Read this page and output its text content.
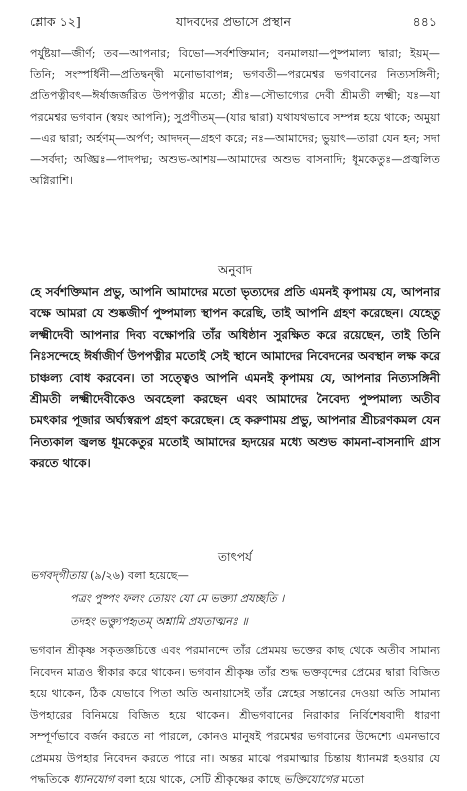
শ্লোক ১২]	যাদবদের প্রভাসে প্রস্থান	৪৪১

পর্যুষ্টয়া—জীর্ণ; তব—আপনার; বিভো—সর্বশক্তিমান; বনমালয়া—পুষ্পমাল্য দ্বারা; ইয়ম্—তিনি; সংস্পর্ধিনী—প্রতিদ্বন্দ্বী মনোভাবাপন্ন; ভগবতী—পরমেশ্বর ভগবানের নিত্যসঙ্গিনী; প্রতিপত্নীবৎ—ঈর্ষাজর্জরিত উপপত্নীর মতো; শ্রীঃ—সৌভাগ্যের দেবী শ্রীমতী লক্ষ্মী; যঃ—যা পরমেশ্বর ভগবান (স্বয়ং আপনি); সুপ্রণীতম্—(যার দ্বারা) যথাযথভাবে সম্পন্ন হয়ে থাকে; অমুয়া—এর দ্বারা; অর্হণম্—অর্পণ; আদদন্—গ্রহণ করে; নঃ—আমাদের; ভুয়াৎ—তারা যেন হন; সদা—সর্বদা; অঙ্ঘ্রিঃ—পাদপদ্ম; অশুভ-আশয়—আমাদের অশুভ বাসনাদি; ধূমকেতুঃ—প্রজ্বলিত অগ্নিরাশি।

অনুবাদ

হে সর্বশক্তিমান প্রভু, আপনি আমাদের মতো ভৃত্যদের প্রতি এমনই কৃপাময় যে, আপনার বক্ষে আমরা যে শুষ্কজীর্ণ পুষ্পমাল্য স্থাপন করেছি, তাই আপনি গ্রহণ করেছেন। যেহেতু লক্ষ্মীদেবী আপনার দিব্য বক্ষোপরি তাঁর অধিষ্ঠান সুরক্ষিত করে রয়েছেন, তাই তিনি নিঃসন্দেহে ঈর্ষাজীর্ণ উপপত্নীর মতোই সেই স্থানে আমাদের নিবেদনের অবস্থান লক্ষ করে চাঞ্চল্য বোধ করবেন। তা সত্ত্বেও আপনি এমনই কৃপাময় যে, আপনার নিত্যসঙ্গিনী শ্রীমতী লক্ষ্মীদেবীকেও অবহেলা করছেন এবং আমাদের নৈবেদ্য পুষ্পমাল্য অতীব চমৎকার পূজার অর্ঘ্যস্বরূপ গ্রহণ করেছেন। হে করুণাময় প্রভু, আপনার শ্রীচরণকমল যেন নিত্যকাল জ্বলন্ত ধূমকেতুর মতোই আমাদের হৃদয়ের মধ্যে অশুভ কামনা-বাসনাদি গ্রাস করতে থাকে।

তাৎপর্য

ভগবদ্‌গীতায় (৯/২৬) বলা হয়েছে—

পত্রং পুষ্পং ফলং তোয়ং যো মে ভক্ত্যা প্রযচ্ছতি ।
তদহং ভক্ত্যুপহৃতম্ অশ্নামি প্রযতাত্মনঃ ॥

ভগবান শ্রীকৃষ্ণ সকৃতজ্ঞচিত্তে এবং পরমানন্দে তাঁর প্রেমময় ভক্তের কাছ থেকে অতীব সামান্য নিবেদন মাত্রও স্বীকার করে থাকেন। ভগবান শ্রীকৃষ্ণ তাঁর শুদ্ধ ভক্তবৃন্দের প্রেমের দ্বারা বিজিত হয়ে থাকেন, ঠিক যেভাবে পিতা অতি অনায়াসেই তাঁর স্নেহের সন্তানের দেওয়া অতি সামান্য উপহারের বিনিময়ে বিজিত হয়ে থাকেন। শ্রীভগবানের নিরাকার নির্বিশেষবাদী ধারণা সম্পূর্ণভাবে বর্জন করতে না পারলে, কোনও মানুষই পরমেশ্বর ভগবানের উদ্দেশ্যে এমনভাবে প্রেমময় উপহার নিবেদন করতে পারে না। অন্তর মাঝে পরমাত্মার চিন্তায় ধ্যানমগ্ন হওয়ার যে পদ্ধতিকে ধ্যানযোগ বলা হয়ে থাকে, সেটি শ্রীকৃষ্ণের কাছে ভক্তিযোগের মতো
